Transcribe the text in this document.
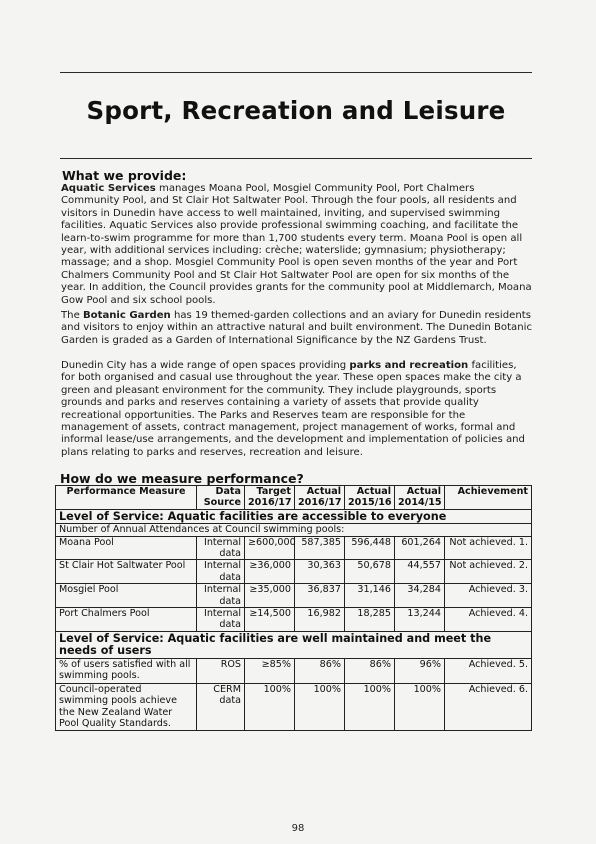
Sport, Recreation and Leisure
What we provide:

Aquatic Services manages Moana Pool, Mosgiel Community Pool, Port Chalmers Community Pool, and St Clair Hot Saltwater Pool. Through the four pools, all residents and visitors in Dunedin have access to well maintained, inviting, and supervised swimming facilities. Aquatic Services also provide professional swimming coaching, and facilitate the learn-to-swim programme for more than 1,700 students every term. Moana Pool is open all year, with additional services including: crèche; waterslide; gymnasium; physiotherapy; massage; and a shop. Mosgiel Community Pool is open seven months of the year and Port Chalmers Community Pool and St Clair Hot Saltwater Pool are open for six months of the year. In addition, the Council provides grants for the community pool at Middlemarch, Moana Gow Pool and six school pools.

The Botanic Garden has 19 themed-garden collections and an aviary for Dunedin residents and visitors to enjoy within an attractive natural and built environment. The Dunedin Botanic Garden is graded as a Garden of International Significance by the NZ Gardens Trust.

Dunedin City has a wide range of open spaces providing parks and recreation facilities, for both organised and casual use throughout the year. These open spaces make the city a green and pleasant environment for the community. They include playgrounds, sports grounds and parks and reserves containing a variety of assets that provide quality recreational opportunities. The Parks and Reserves team are responsible for the management of assets, contract management, project management of works, formal and informal lease/use arrangements, and the development and implementation of policies and plans relating to parks and reserves, recreation and leisure.

How do we measure performance?
Performance Measure	Data Source	Target 2016/17	Actual 2016/17	Actual 2015/16	Actual 2014/15	Achievement
Level of Service: Aquatic facilities are accessible to everyone						
Number of Annual Attendances at Council swimming pools:						
Moana Pool	Internal data	≥600,000	587,385	596,448	601,264	Not achieved. 1.
St Clair Hot Saltwater Pool	Internal data	≥36,000	30,363	50,678	44,557	Not achieved. 2.
Mosgiel Pool	Internal data	≥35,000	36,837	31,146	34,284	Achieved. 3.
Port Chalmers Pool	Internal data	≥14,500	16,982	18,285	13,244	Achieved. 4.
Level of Service: Aquatic facilities are well maintained and meet the needs of users						
% of users satisfied with all swimming pools.	ROS	≥85%	86%	86%	96%	Achieved. 5.
Council-operated swimming pools achieve the New Zealand Water Pool Quality Standards.	CERM data	100%	100%	100%	100%	Achieved. 6.
98
